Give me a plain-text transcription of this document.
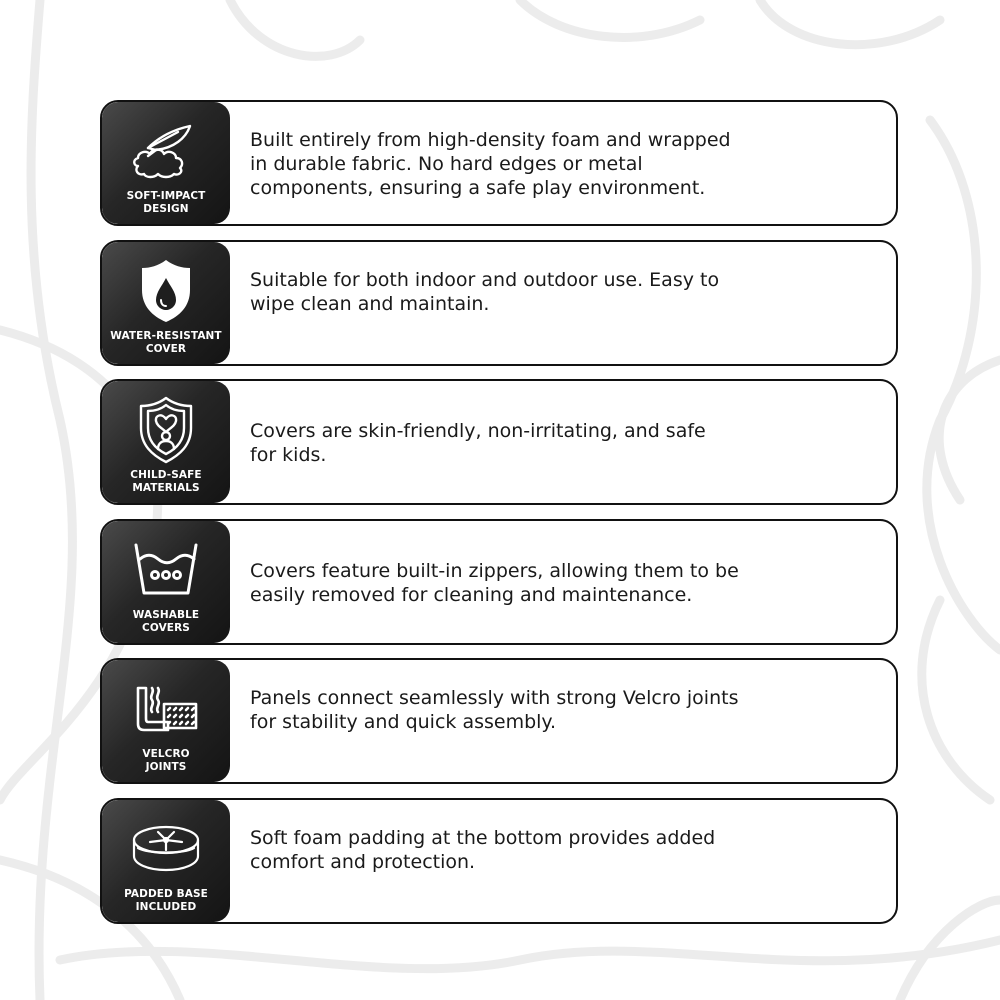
SOFT-IMPACT
DESIGN
Built entirely from high-density foam and wrapped
in durable fabric. No hard edges or metal
components, ensuring a safe play environment.
WATER-RESISTANT
COVER
Suitable for both indoor and outdoor use. Easy to
wipe clean and maintain.
CHILD-SAFE
MATERIALS
Covers are skin-friendly, non-irritating, and safe
for kids.
WASHABLE
COVERS
Covers feature built-in zippers, allowing them to be
easily removed for cleaning and maintenance.
VELCRO
JOINTS
Panels connect seamlessly with strong Velcro joints
for stability and quick assembly.
PADDED BASE
INCLUDED
Soft foam padding at the bottom provides added
comfort and protection.
